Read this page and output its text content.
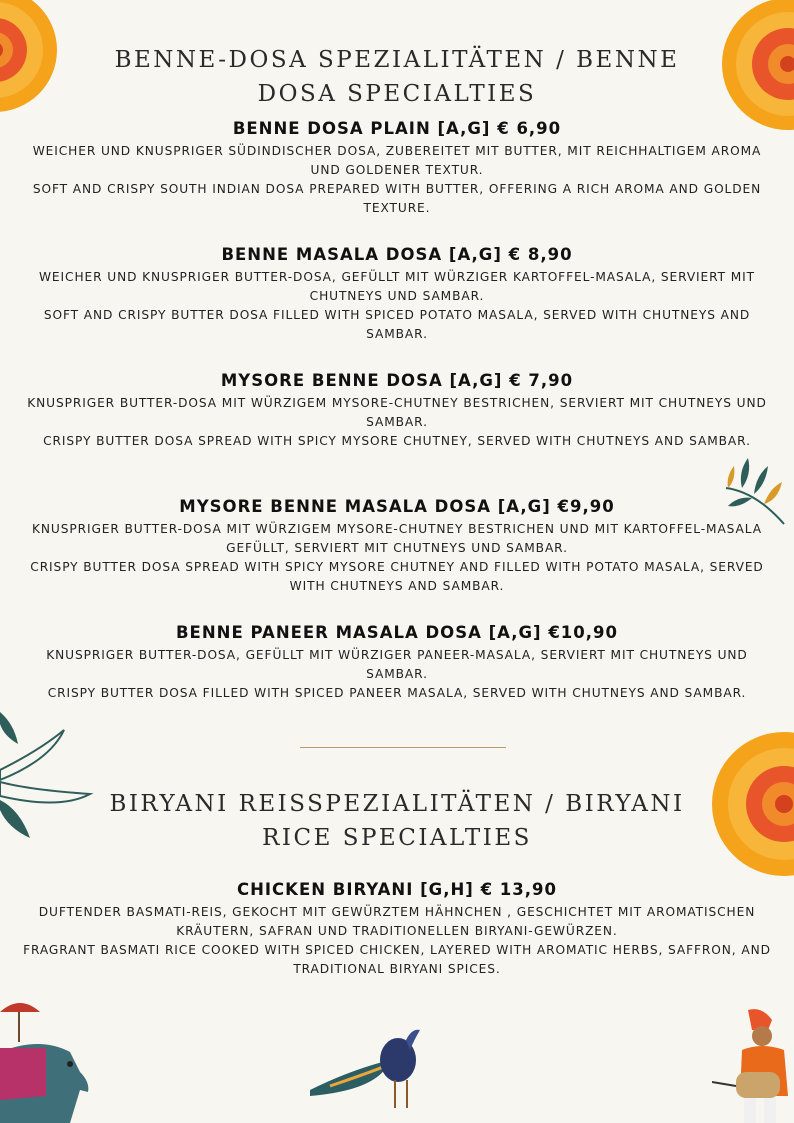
BENNE-DOSA SPEZIALITÄTEN / BENNE DOSA SPECIALTIES
BENNE DOSA PLAIN [A,G] € 6,90
WEICHER UND KNUSPRIGER SÜDINDISCHER DOSA, ZUBEREITET MIT BUTTER, MIT REICHHALTIGEM AROMA UND GOLDENER TEXTUR.
SOFT AND CRISPY SOUTH INDIAN DOSA PREPARED WITH BUTTER, OFFERING A RICH AROMA AND GOLDEN TEXTURE.
BENNE MASALA DOSA [A,G] € 8,90
WEICHER UND KNUSPRIGER BUTTER-DOSA, GEFÜLLT MIT WÜRZIGER KARTOFFEL-MASALA, SERVIERT MIT CHUTNEYS UND SAMBAR.
SOFT AND CRISPY BUTTER DOSA FILLED WITH SPICED POTATO MASALA, SERVED WITH CHUTNEYS AND SAMBAR.
MYSORE BENNE DOSA [A,G] € 7,90
KNUSPRIGER BUTTER-DOSA MIT WÜRZIGEM MYSORE-CHUTNEY BESTRICHEN, SERVIERT MIT CHUTNEYS UND SAMBAR.
CRISPY BUTTER DOSA SPREAD WITH SPICY MYSORE CHUTNEY, SERVED WITH CHUTNEYS AND SAMBAR.
MYSORE BENNE MASALA DOSA [A,G] €9,90
KNUSPRIGER BUTTER-DOSA MIT WÜRZIGEM MYSORE-CHUTNEY BESTRICHEN UND MIT KARTOFFEL-MASALA GEFÜLLT, SERVIERT MIT CHUTNEYS UND SAMBAR.
CRISPY BUTTER DOSA SPREAD WITH SPICY MYSORE CHUTNEY AND FILLED WITH POTATO MASALA, SERVED WITH CHUTNEYS AND SAMBAR.
BENNE PANEER MASALA DOSA [A,G] €10,90
KNUSPRIGER BUTTER-DOSA, GEFÜLLT MIT WÜRZIGER PANEER-MASALA, SERVIERT MIT CHUTNEYS UND SAMBAR.
CRISPY BUTTER DOSA FILLED WITH SPICED PANEER MASALA, SERVED WITH CHUTNEYS AND SAMBAR.
BIRYANI REISSPEZIALITÄTEN / BIRYANI RICE SPECIALTIES
CHICKEN BIRYANI [G,H] € 13,90
DUFTENDER BASMATI-REIS, GEKOCHT MIT GEWÜRZTEM HÄHNCHEN , GESCHICHTET MIT AROMATISCHEN KRÄUTERN, SAFRAN UND TRADITIONELLEN BIRYANI-GEWÜRZEN.
FRAGRANT BASMATI RICE COOKED WITH SPICED CHICKEN, LAYERED WITH AROMATIC HERBS, SAFFRON, AND TRADITIONAL BIRYANI SPICES.
